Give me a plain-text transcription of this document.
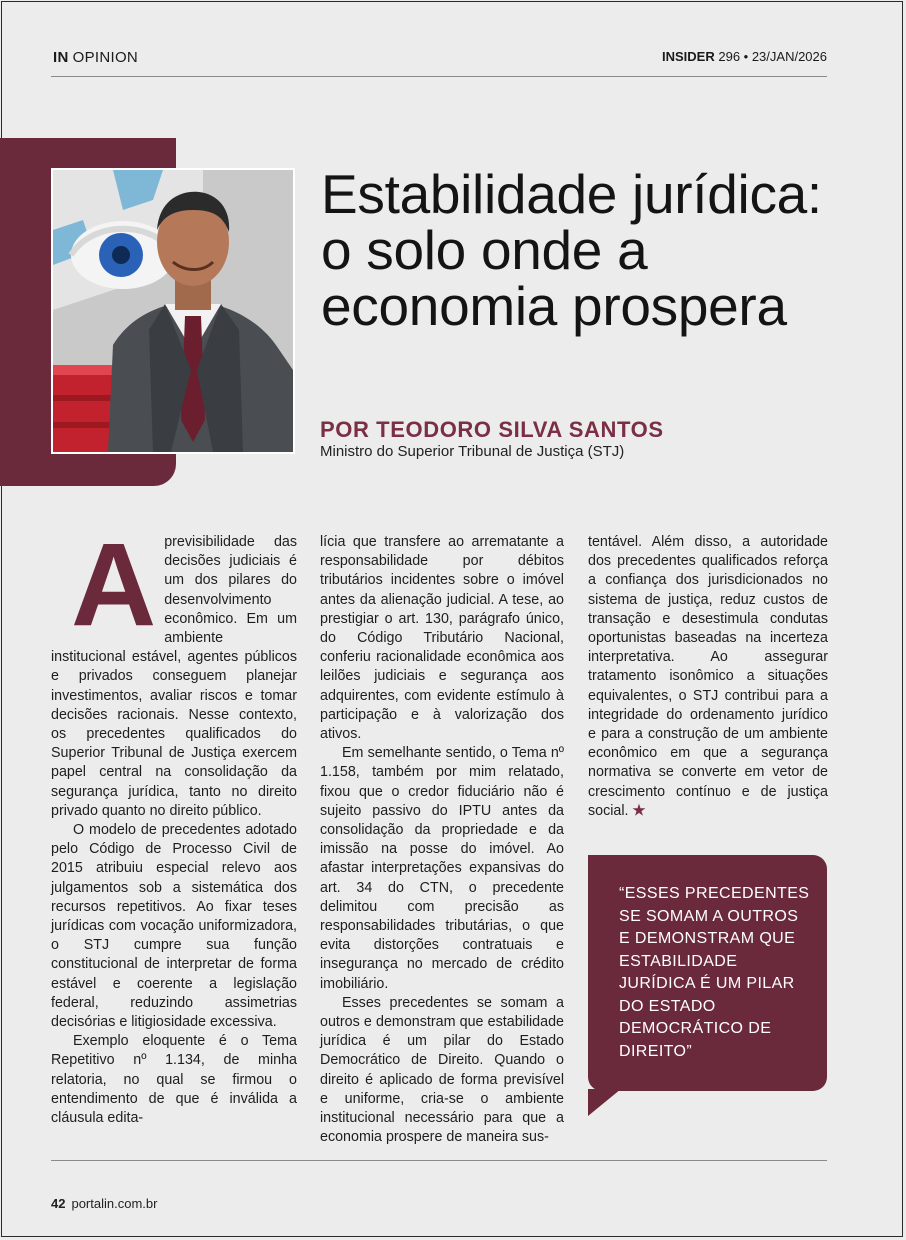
IN OPINION	INSIDER 296 • 23/JAN/2026
Estabilidade jurídica: o solo onde a economia prospera
POR TEODORO SILVA SANTOS
Ministro do Superior Tribunal de Justiça (STJ)
A previsibilidade das decisões judiciais é um dos pilares do desenvolvimento econômico. Em um ambiente institucional estável, agentes públicos e privados conseguem planejar investimentos, avaliar riscos e tomar decisões racionais. Nesse contexto, os precedentes qualificados do Superior Tribunal de Justiça exercem papel central na consolidação da segurança jurídica, tanto no direito privado quanto no direito público.

O modelo de precedentes adotado pelo Código de Processo Civil de 2015 atribuiu especial relevo aos julgamentos sob a sistemática dos recursos repetitivos. Ao fixar teses jurídicas com vocação uniformizadora, o STJ cumpre sua função constitucional de interpretar de forma estável e coerente a legislação federal, reduzindo assimetrias decisórias e litigiosidade excessiva.

Exemplo eloquente é o Tema Repetitivo nº 1.134, de minha relatoria, no qual se firmou o entendimento de que é inválida a cláusula edita-

lícia que transfere ao arrematante a responsabilidade por débitos tributários incidentes sobre o imóvel antes da alienação judicial. A tese, ao prestigiar o art. 130, parágrafo único, do Código Tributário Nacional, conferiu racionalidade econômica aos leilões judiciais e segurança aos adquirentes, com evidente estímulo à participação e à valorização dos ativos.

Em semelhante sentido, o Tema nº 1.158, também por mim relatado, fixou que o credor fiduciário não é sujeito passivo do IPTU antes da consolidação da propriedade e da imissão na posse do imóvel. Ao afastar interpretações expansivas do art. 34 do CTN, o precedente delimitou com precisão as responsabilidades tributárias, o que evita distorções contratuais e insegurança no mercado de crédito imobiliário.

Esses precedentes se somam a outros e demonstram que estabilidade jurídica é um pilar do Estado Democrático de Direito. Quando o direito é aplicado de forma previsível e uniforme, cria-se o ambiente institucional necessário para que a economia prospere de maneira sus-

tentável. Além disso, a autoridade dos precedentes qualificados reforça a confiança dos jurisdicionados no sistema de justiça, reduz custos de transação e desestimula condutas oportunistas baseadas na incerteza interpretativa. Ao assegurar tratamento isonômico a situações equivalentes, o STJ contribui para a integridade do ordenamento jurídico e para a construção de um ambiente econômico em que a segurança normativa se converte em vetor de crescimento contínuo e de justiça social. ★

“ESSES PRECEDENTES SE SOMAM A OUTROS E DEMONSTRAM QUE ESTABILIDADE JURÍDICA É UM PILAR DO ESTADO DEMOCRÁTICO DE DIREITO”
42 portalin.com.br
